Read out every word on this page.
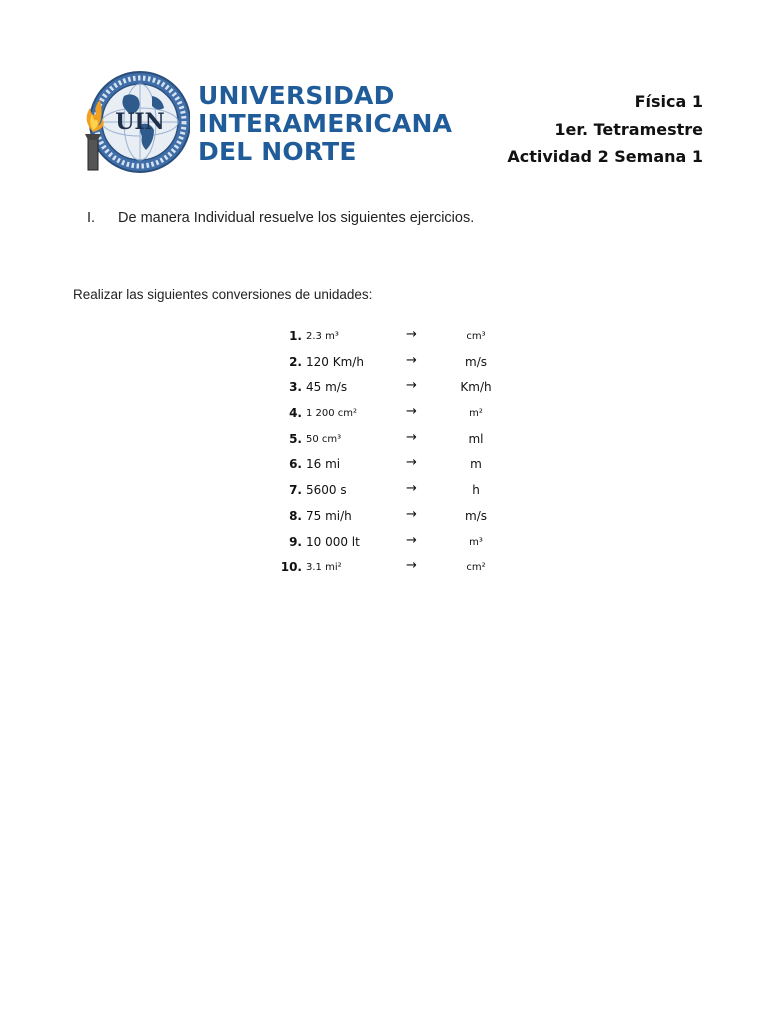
UIN
UNIVERSIDAD
INTERAMERICANA
DEL NORTE
Física 1
1er. Tetramestre
Actividad 2 Semana 1
I. De manera Individual resuelve los siguientes ejercicios.
Realizar las siguientes conversiones de unidades:
1. 2.3 m³	→	cm³
2. 120 Km/h	→	m/s
3. 45 m/s	→	Km/h
4. 1 200 cm²	→	m²
5. 50 cm³	→	ml
6. 16 mi	→	m
7. 5600 s	→	h
8. 75 mi/h	→	m/s
9. 10 000 lt	→	m³
10. 3.1 mi²	→	cm²
